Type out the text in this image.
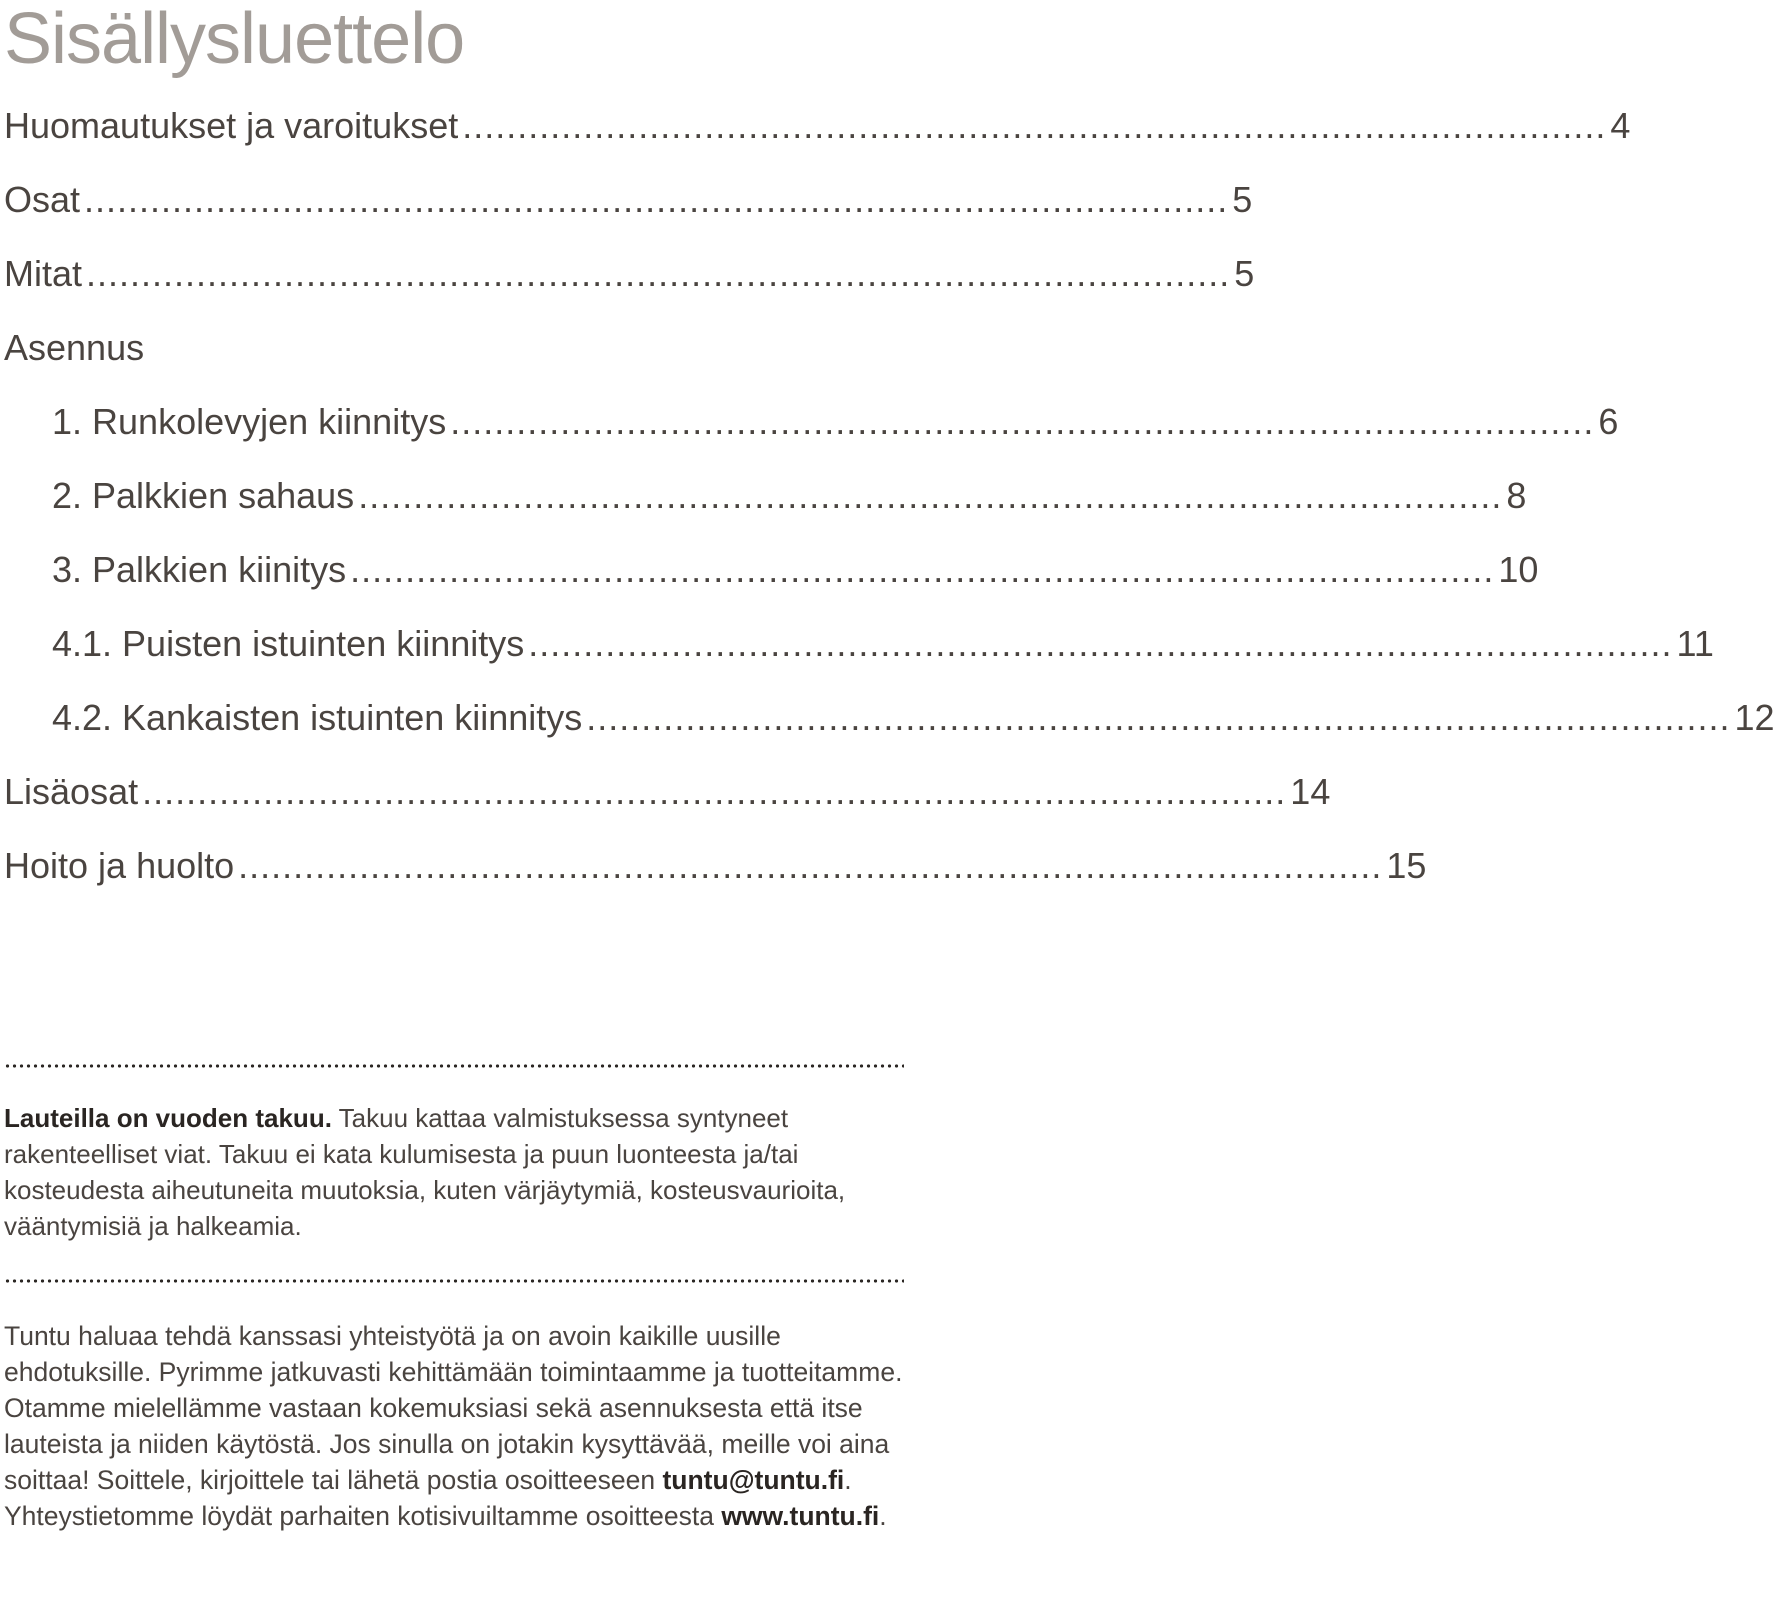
Sisällysluettelo
Huomautukset ja varoitukset ........................................................................................................ 4
Osat ........................................................................................................ 5
Mitat ........................................................................................................ 5
Asennus
1. Runkolevyjen kiinnitys ........................................................................................................ 6
2. Palkkien sahaus ........................................................................................................ 8
3. Palkkien kiinitys ........................................................................................................ 10
4.1. Puisten istuinten kiinnitys ........................................................................................................ 11
4.2. Kankaisten istuinten kiinnitys ........................................................................................................ 12
Lisäosat ........................................................................................................ 14
Hoito ja huolto ........................................................................................................ 15
Lauteilla on vuoden takuu. Takuu kattaa valmistuksessa syntyneet rakenteelliset viat. Takuu ei kata kulumisesta ja puun luonteesta ja/tai kosteudesta aiheutuneita muutoksia, kuten värjäytymiä, kosteusvaurioita, vääntymisiä ja halkeamia.
Tuntu haluaa tehdä kanssasi yhteistyötä ja on avoin kaikille uusille ehdotuksille. Pyrimme jatkuvasti kehittämään toimintaamme ja tuotteitamme. Otamme mielellämme vastaan kokemuksiasi sekä asennuksesta että itse lauteista ja niiden käytöstä. Jos sinulla on jotakin kysyttävää, meille voi aina soittaa! Soittele, kirjoittele tai lähetä postia osoitteeseen tuntu@tuntu.fi. Yhteystietomme löydät parhaiten kotisivuiltamme osoitteesta www.tuntu.fi.
